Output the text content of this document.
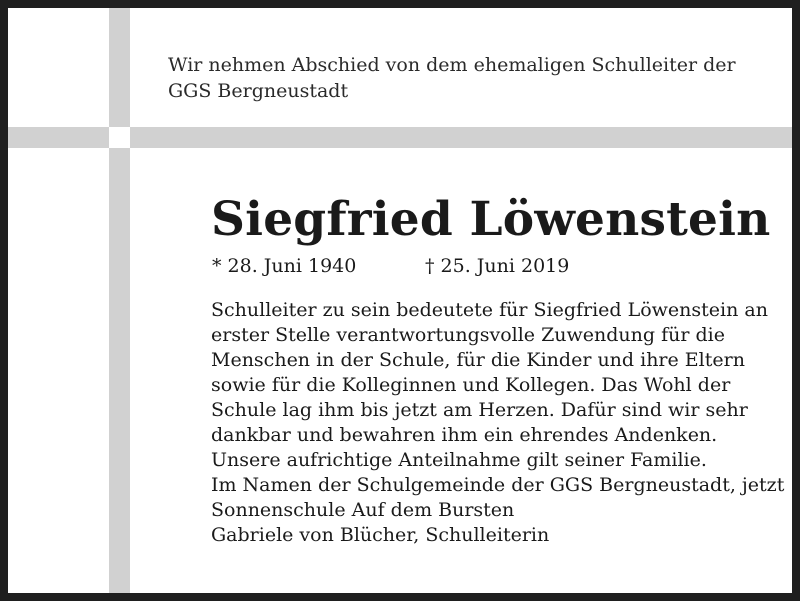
Wir nehmen Abschied von dem ehemaligen Schulleiter der
GGS Bergneustadt
Siegfried Löwenstein
* 28. Juni 1940	† 25. Juni 2019
Schulleiter zu sein bedeutete für Siegfried Löwenstein an
erster Stelle verantwortungsvolle Zuwendung für die
Menschen in der Schule, für die Kinder und ihre Eltern
sowie für die Kolleginnen und Kollegen. Das Wohl der
Schule lag ihm bis jetzt am Herzen. Dafür sind wir sehr
dankbar und bewahren ihm ein ehrendes Andenken.
Unsere aufrichtige Anteilnahme gilt seiner Familie.
Im Namen der Schulgemeinde der GGS Bergneustadt, jetzt
Sonnenschule Auf dem Bursten
Gabriele von Blücher, Schulleiterin
